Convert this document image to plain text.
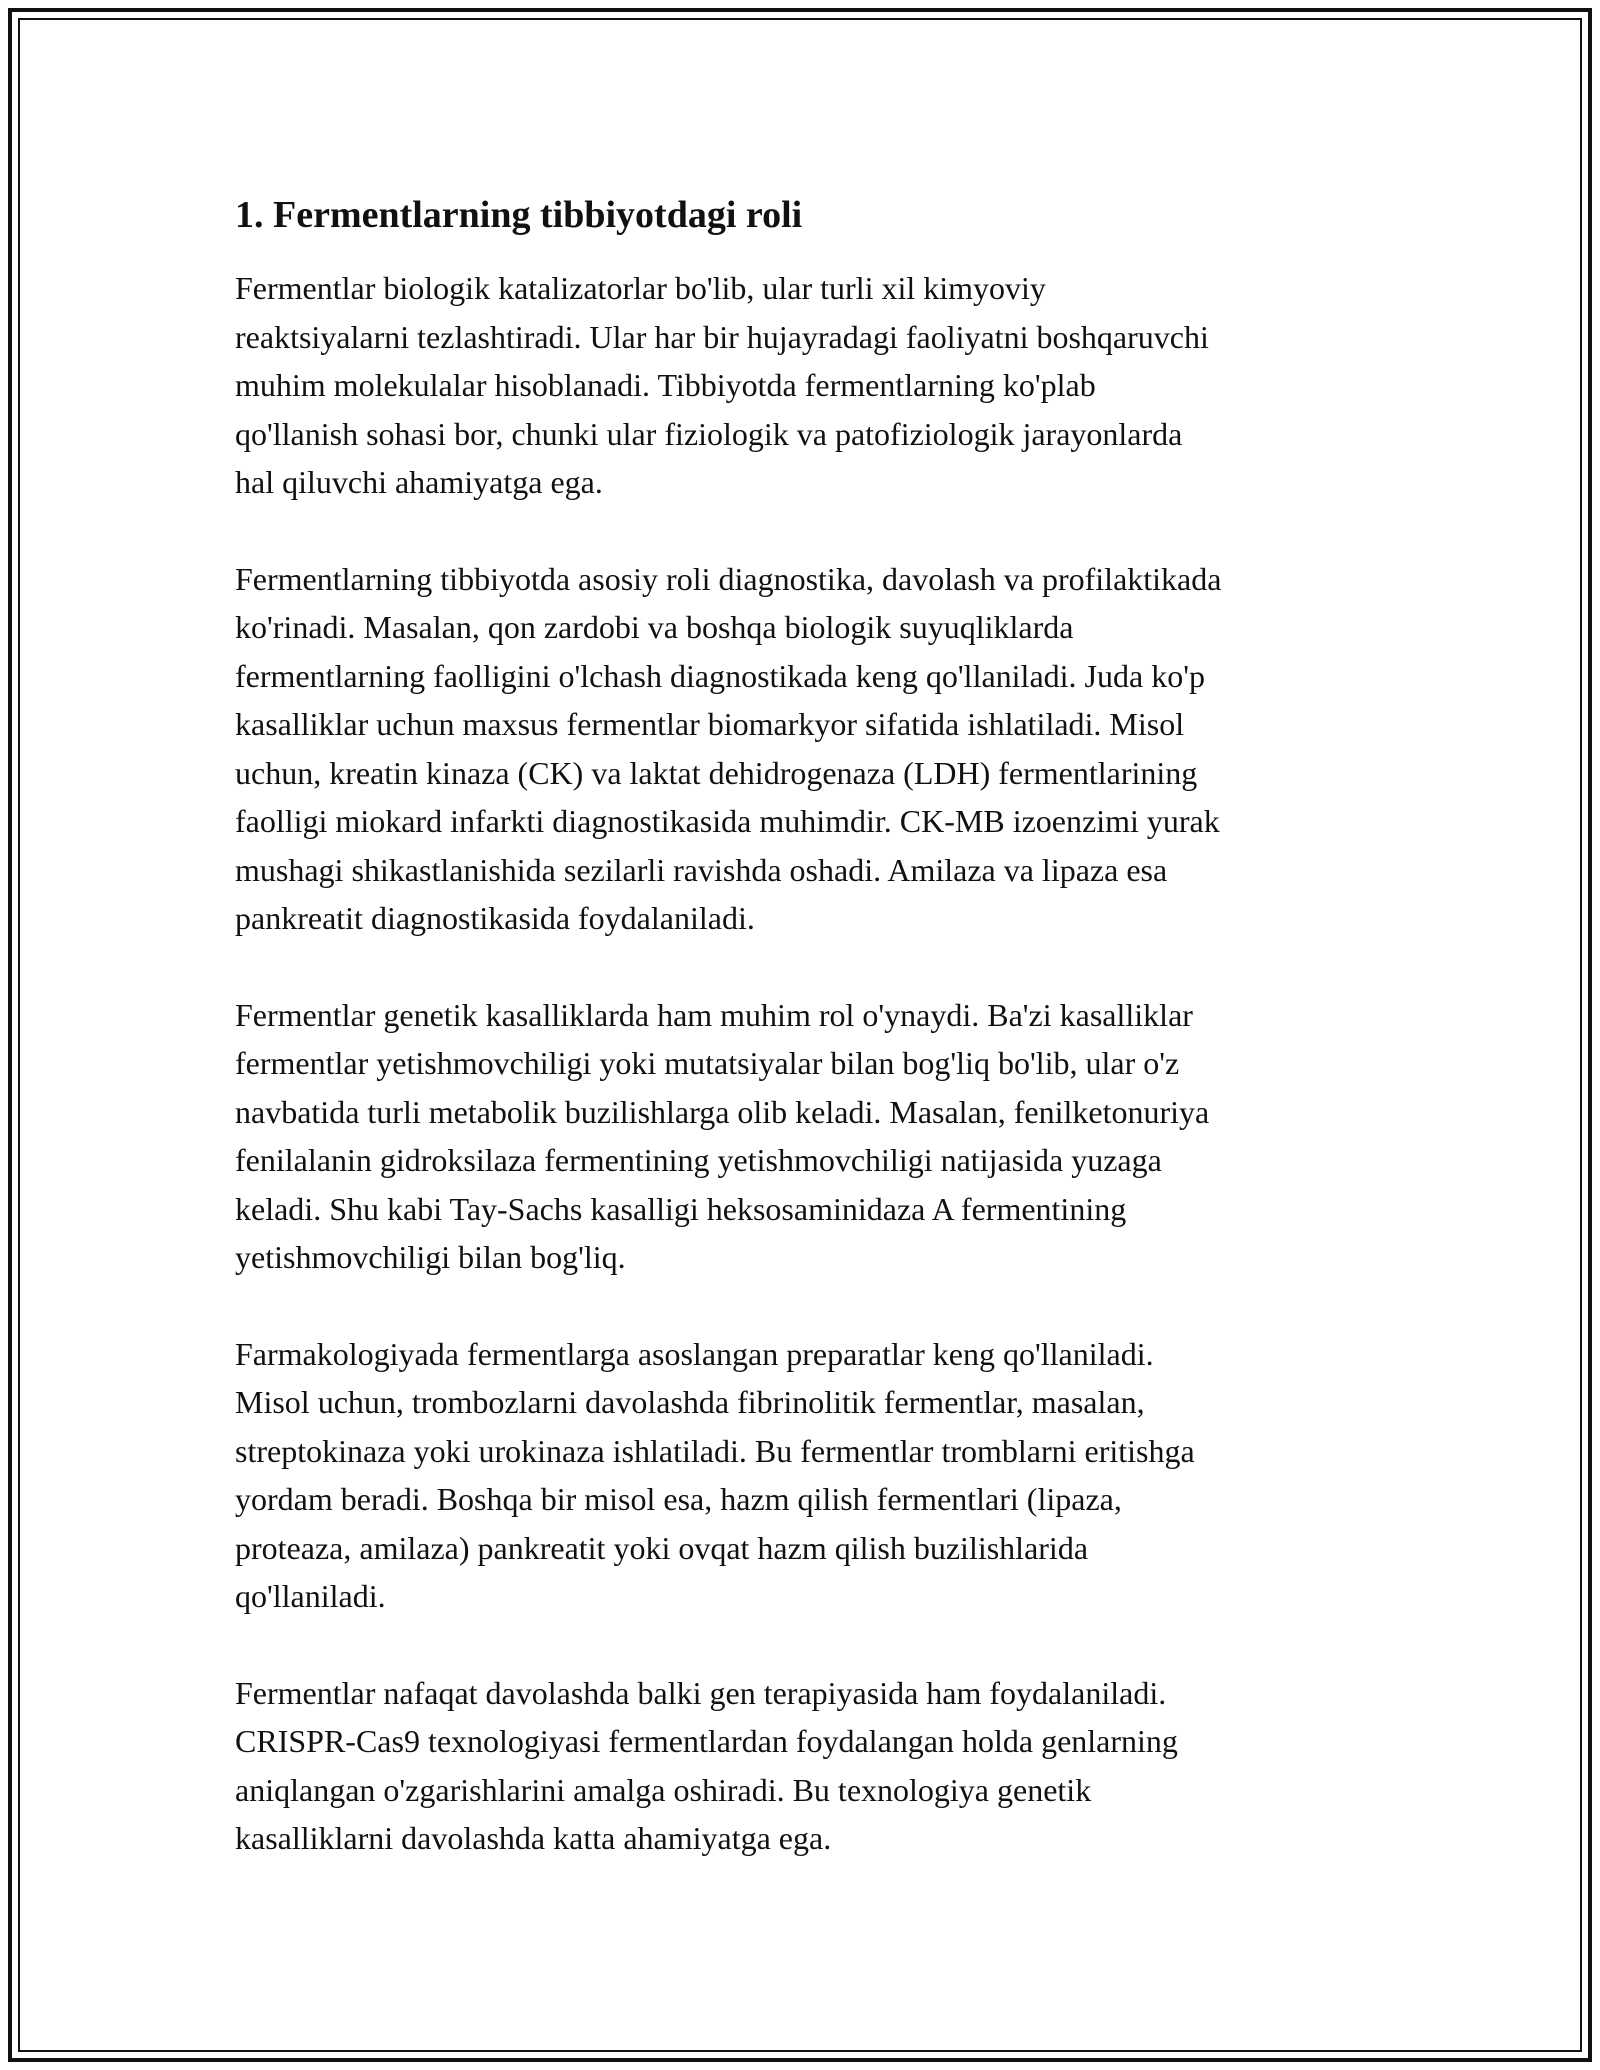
1. Fermentlarning tibbiyotdagi roli

Fermentlar biologik katalizatorlar bo'lib, ular turli xil kimyoviy
reaktsiyalarni tezlashtiradi. Ular har bir hujayradagi faoliyatni boshqaruvchi
muhim molekulalar hisoblanadi. Tibbiyotda fermentlarning ko'plab
qo'llanish sohasi bor, chunki ular fiziologik va patofiziologik jarayonlarda
hal qiluvchi ahamiyatga ega.

Fermentlarning tibbiyotda asosiy roli diagnostika, davolash va profilaktikada
ko'rinadi. Masalan, qon zardobi va boshqa biologik suyuqliklarda
fermentlarning faolligini o'lchash diagnostikada keng qo'llaniladi. Juda ko'p
kasalliklar uchun maxsus fermentlar biomarkyor sifatida ishlatiladi. Misol
uchun, kreatin kinaza (CK) va laktat dehidrogenaza (LDH) fermentlarining
faolligi miokard infarkti diagnostikasida muhimdir. CK-MB izoenzimi yurak
mushagi shikastlanishida sezilarli ravishda oshadi. Amilaza va lipaza esa
pankreatit diagnostikasida foydalaniladi.

Fermentlar genetik kasalliklarda ham muhim rol o'ynaydi. Ba'zi kasalliklar
fermentlar yetishmovchiligi yoki mutatsiyalar bilan bog'liq bo'lib, ular o'z
navbatida turli metabolik buzilishlarga olib keladi. Masalan, fenilketonuriya
fenilalanin gidroksilaza fermentining yetishmovchiligi natijasida yuzaga
keladi. Shu kabi Tay-Sachs kasalligi heksosaminidaza A fermentining
yetishmovchiligi bilan bog'liq.

Farmakologiyada fermentlarga asoslangan preparatlar keng qo'llaniladi.
Misol uchun, trombozlarni davolashda fibrinolitik fermentlar, masalan,
streptokinaza yoki urokinaza ishlatiladi. Bu fermentlar tromblarni eritishga
yordam beradi. Boshqa bir misol esa, hazm qilish fermentlari (lipaza,
proteaza, amilaza) pankreatit yoki ovqat hazm qilish buzilishlarida
qo'llaniladi.

Fermentlar nafaqat davolashda balki gen terapiyasida ham foydalaniladi.
CRISPR-Cas9 texnologiyasi fermentlardan foydalangan holda genlarning
aniqlangan o'zgarishlarini amalga oshiradi. Bu texnologiya genetik
kasalliklarni davolashda katta ahamiyatga ega.
